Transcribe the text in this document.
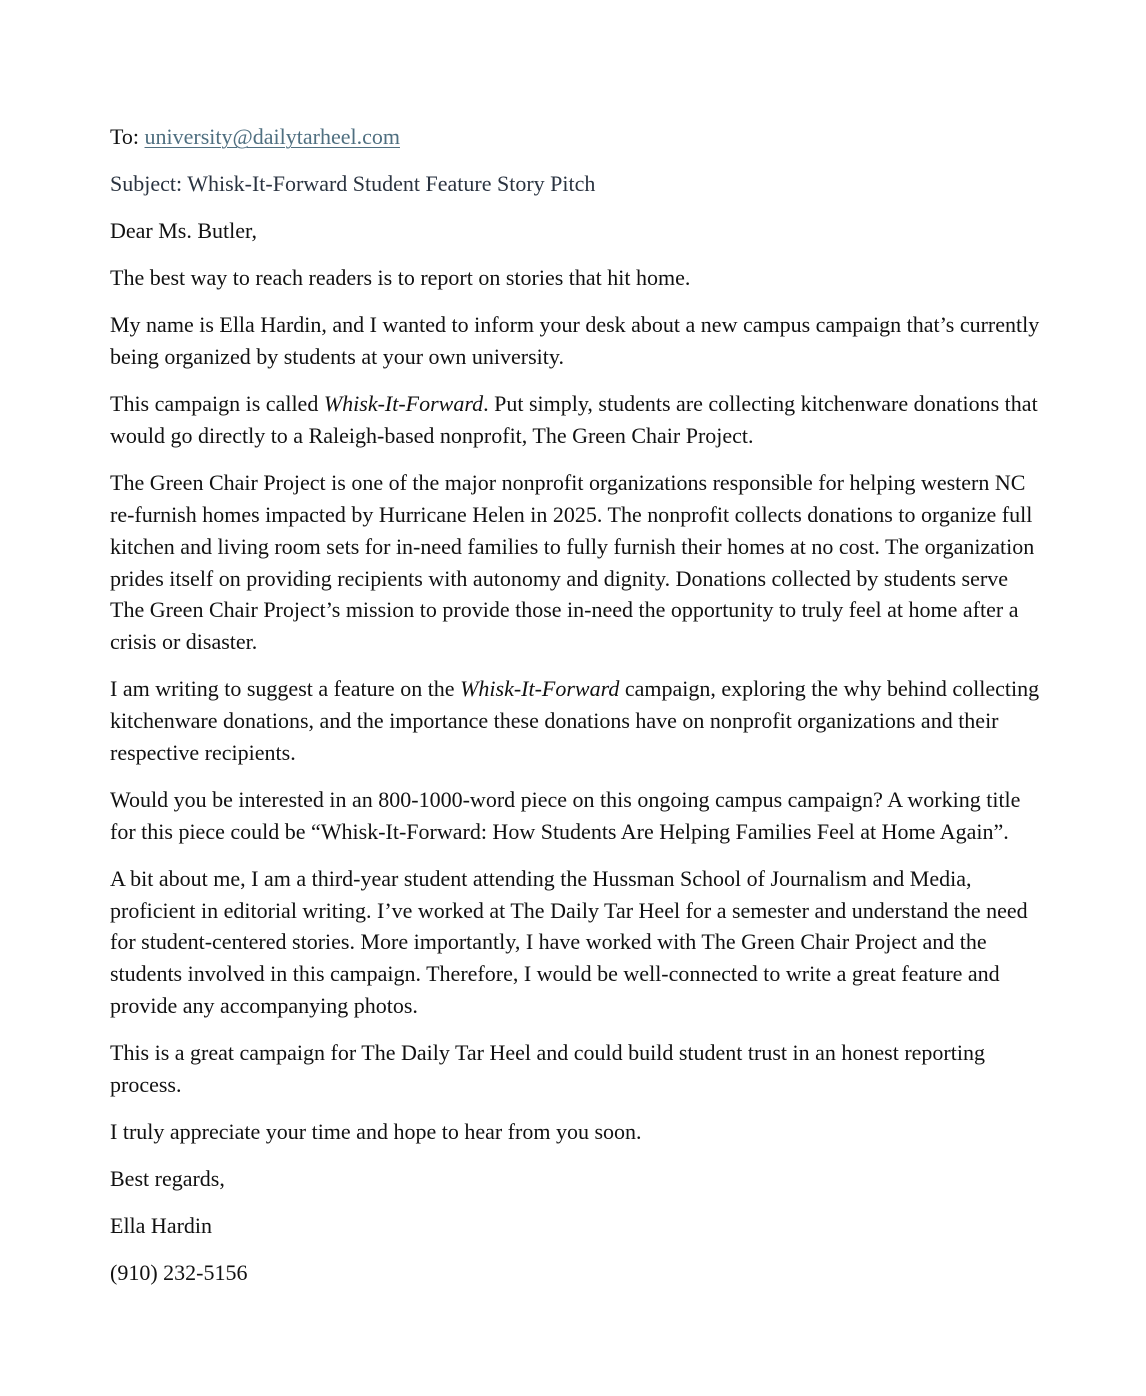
To: university@dailytarheel.com

Subject: Whisk-It-Forward Student Feature Story Pitch

Dear Ms. Butler,

The best way to reach readers is to report on stories that hit home.

My name is Ella Hardin, and I wanted to inform your desk about a new campus campaign that’s currently being organized by students at your own university.

This campaign is called Whisk-It-Forward. Put simply, students are collecting kitchenware donations that would go directly to a Raleigh-based nonprofit, The Green Chair Project.

The Green Chair Project is one of the major nonprofit organizations responsible for helping western NC re-furnish homes impacted by Hurricane Helen in 2025. The nonprofit collects donations to organize full kitchen and living room sets for in-need families to fully furnish their homes at no cost. The organization prides itself on providing recipients with autonomy and dignity. Donations collected by students serve The Green Chair Project’s mission to provide those in-need the opportunity to truly feel at home after a crisis or disaster.

I am writing to suggest a feature on the Whisk-It-Forward campaign, exploring the why behind collecting kitchenware donations, and the importance these donations have on nonprofit organizations and their respective recipients.

Would you be interested in an 800-1000-word piece on this ongoing campus campaign? A working title for this piece could be “Whisk-It-Forward: How Students Are Helping Families Feel at Home Again”.

A bit about me, I am a third-year student attending the Hussman School of Journalism and Media, proficient in editorial writing. I’ve worked at The Daily Tar Heel for a semester and understand the need for student-centered stories. More importantly, I have worked with The Green Chair Project and the students involved in this campaign. Therefore, I would be well-connected to write a great feature and provide any accompanying photos.

This is a great campaign for The Daily Tar Heel and could build student trust in an honest reporting process.

I truly appreciate your time and hope to hear from you soon.

Best regards,

Ella Hardin

(910) 232-5156
